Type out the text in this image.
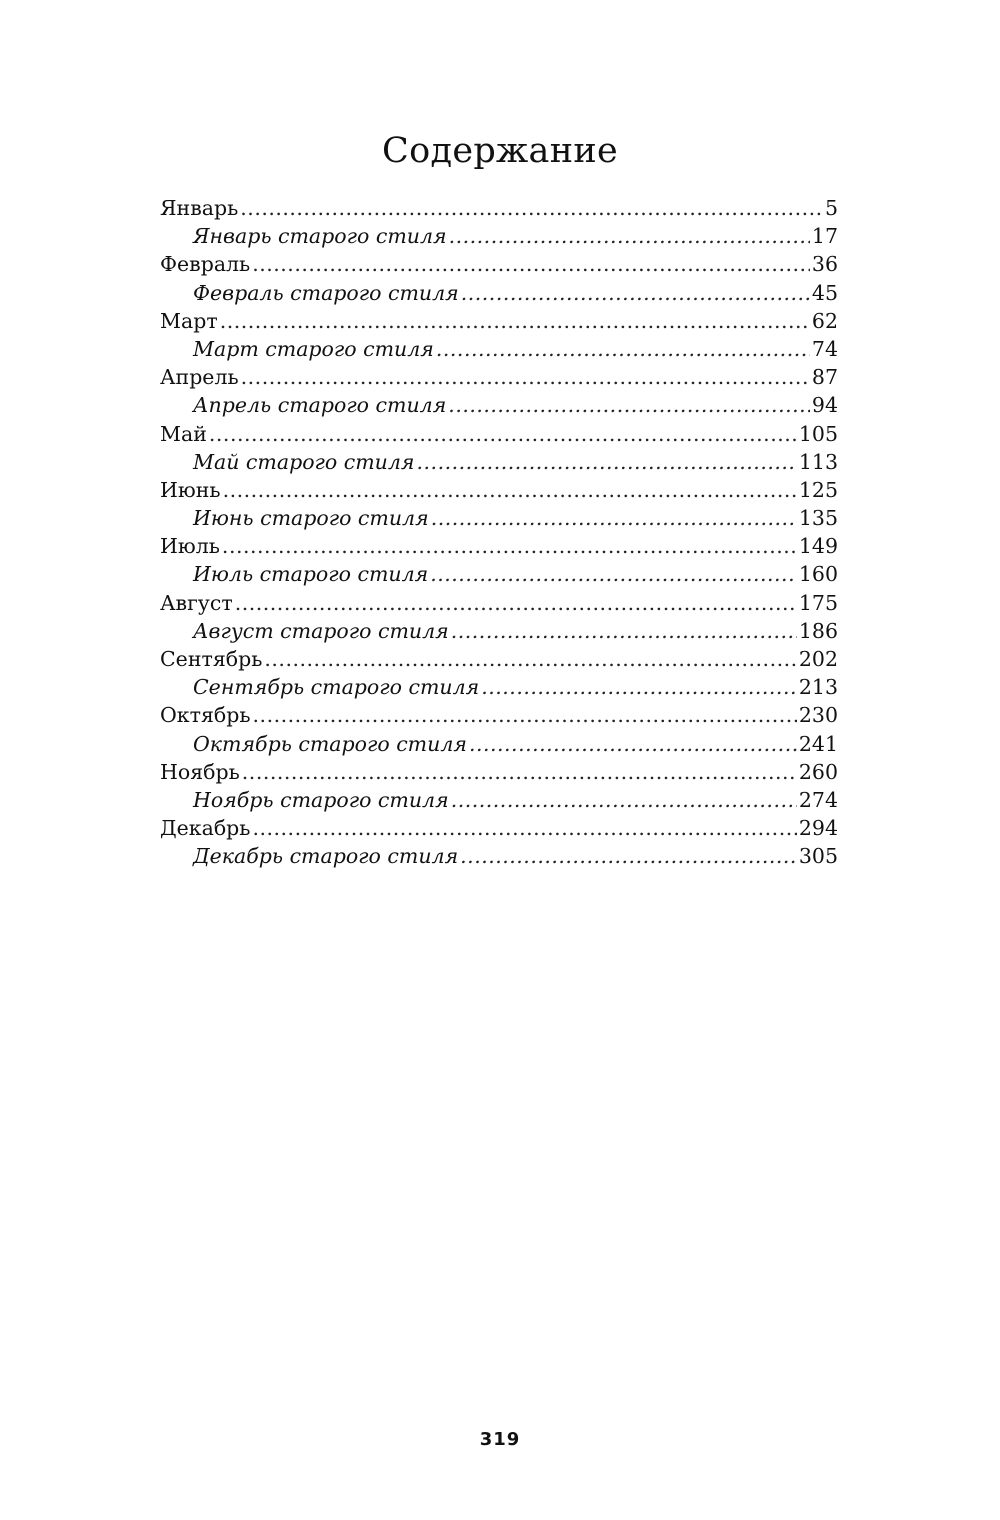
Содержание
Январь .....	5
Январь старого стиля .....	17
Февраль .....	36
Февраль старого стиля .....	45
Март .....	62
Март старого стиля .....	74
Апрель .....	87
Апрель старого стиля .....	94
Май .....	105
Май старого стиля .....	113
Июнь .....	125
Июнь старого стиля .....	135
Июль .....	149
Июль старого стиля .....	160
Август .....	175
Август старого стиля .....	186
Сентябрь .....	202
Сентябрь старого стиля .....	213
Октябрь .....	230
Октябрь старого стиля .....	241
Ноябрь .....	260
Ноябрь старого стиля .....	274
Декабрь .....	294
Декабрь старого стиля .....	305
319
